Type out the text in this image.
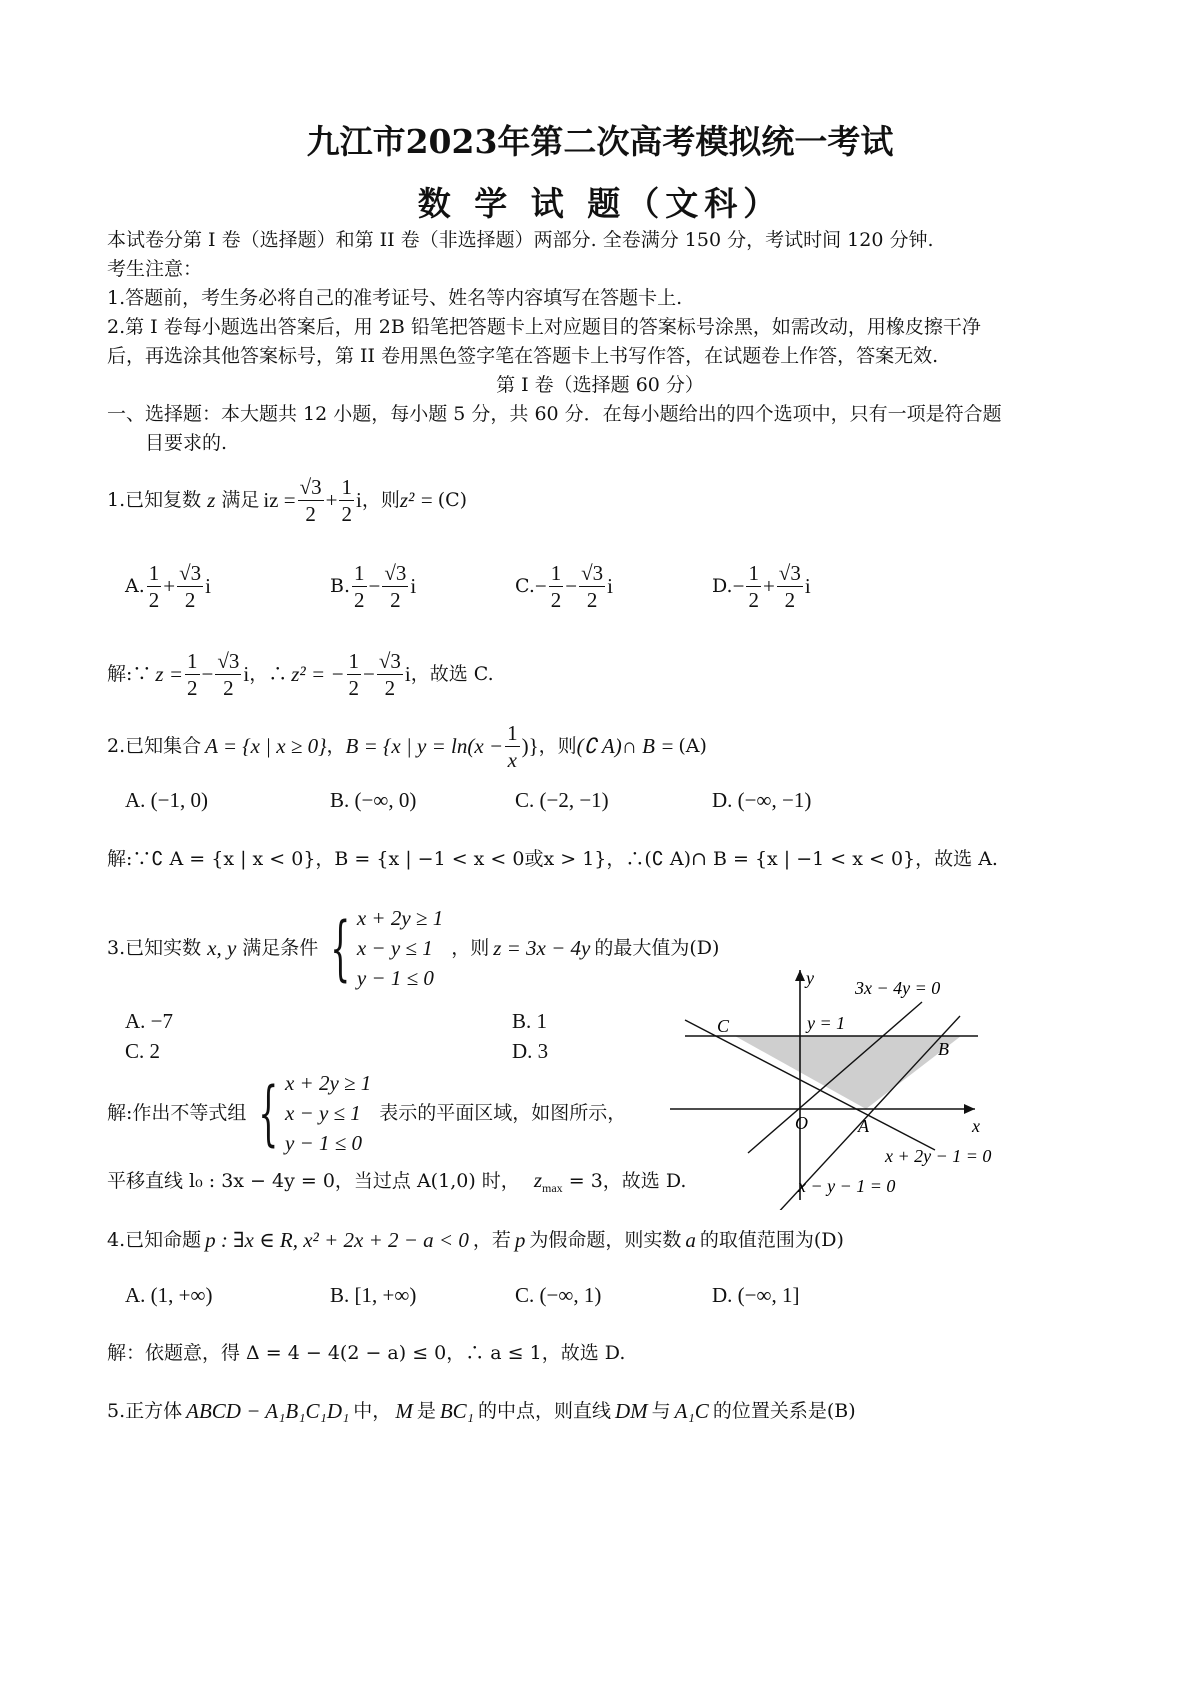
九江市2023年第二次高考模拟统一考试
数 学 试 题（文科）
本试卷分第 I 卷（选择题）和第 II 卷（非选择题）两部分. 全卷满分 150 分，考试时间 120 分钟.
考生注意：
1.答题前，考生务必将自己的准考证号、姓名等内容填写在答题卡上.
2.第 I 卷每小题选出答案后，用 2B 铅笔把答题卡上对应题目的答案标号涂黑，如需改动，用橡皮擦干净
后，再选涂其他答案标号，第 II 卷用黑色签字笔在答题卡上书写作答，在试题卷上作答，答案无效.
第 I 卷（选择题 60 分）
一、选择题：本大题共 12 小题，每小题 5 分，共 60 分．在每小题给出的四个选项中，只有一项是符合题
目要求的.
1.已知复数 z 满足 iz = $\frac{√3}{2} + \frac{1}{2}$ i ，则 z² = (C)
A. $\frac{1}{2} + \frac{√3}{2}$ i	B. $\frac{1}{2} - \frac{√3}{2}$ i	C. − $\frac{1}{2} - \frac{√3}{2}$ i	D. − $\frac{1}{2} + \frac{√3}{2}$ i
解:∵ $z = \frac{1}{2} - \frac{√3}{2}$ i ，∴ z² = − $\frac{1}{2} - \frac{√3}{2}$ i ，故选 C.
2.已知集合 A = {x | x ≥ 0} ， B = {x | $y = \ln(x - \frac{1}{x}$ )} ，则 (∁ A)∩ B = (A)
A. (−1, 0)	B. (−∞, 0)	C. (−2, −1)	D. (−∞, −1)
解:∵∁ A = {x | x < 0}，B = {x | −1 < x < 0或x > 1}，∴(∁ A)∩ B = {x | −1 < x < 0}，故选 A.
3.已知实数 x, y 满足条件 { x + 2y ≥ 1
x − y ≤ 1
y − 1 ≤ 0
，则 z = 3x − 4y 的最大值为(D)
A. −7	B. 1
C. 2	D. 3
解:作出不等式组 { x + 2y ≥ 1
x − y ≤ 1
y − 1 ≤ 0
表示的平面区域，如图所示，
平移直线 l₀ : 3x − 4y = 0，当过点 A(1,0) 时， $z_{max} = 3$，故选 D.
y
x
O	A
B
C
3x − 4y = 0
y = 1
x + 2y − 1 = 0
x − y − 1 = 0
4.已知命题 p : ∃x ∈ R, x² + 2x + 2 − a < 0 ，若 p 为假命题，则实数 a 的取值范围为(D)
A. (1, +∞)	B. [1, +∞)	C. (−∞, 1)	D. (−∞, 1]
解：依题意，得 Δ = 4 − 4(2 − a) ≤ 0，∴ a ≤ 1，故选 D.
5.正方体 ABCD − A₁B₁C₁D₁ 中， M 是 BC₁ 的中点，则直线 DM 与 A₁C 的位置关系是(B)
